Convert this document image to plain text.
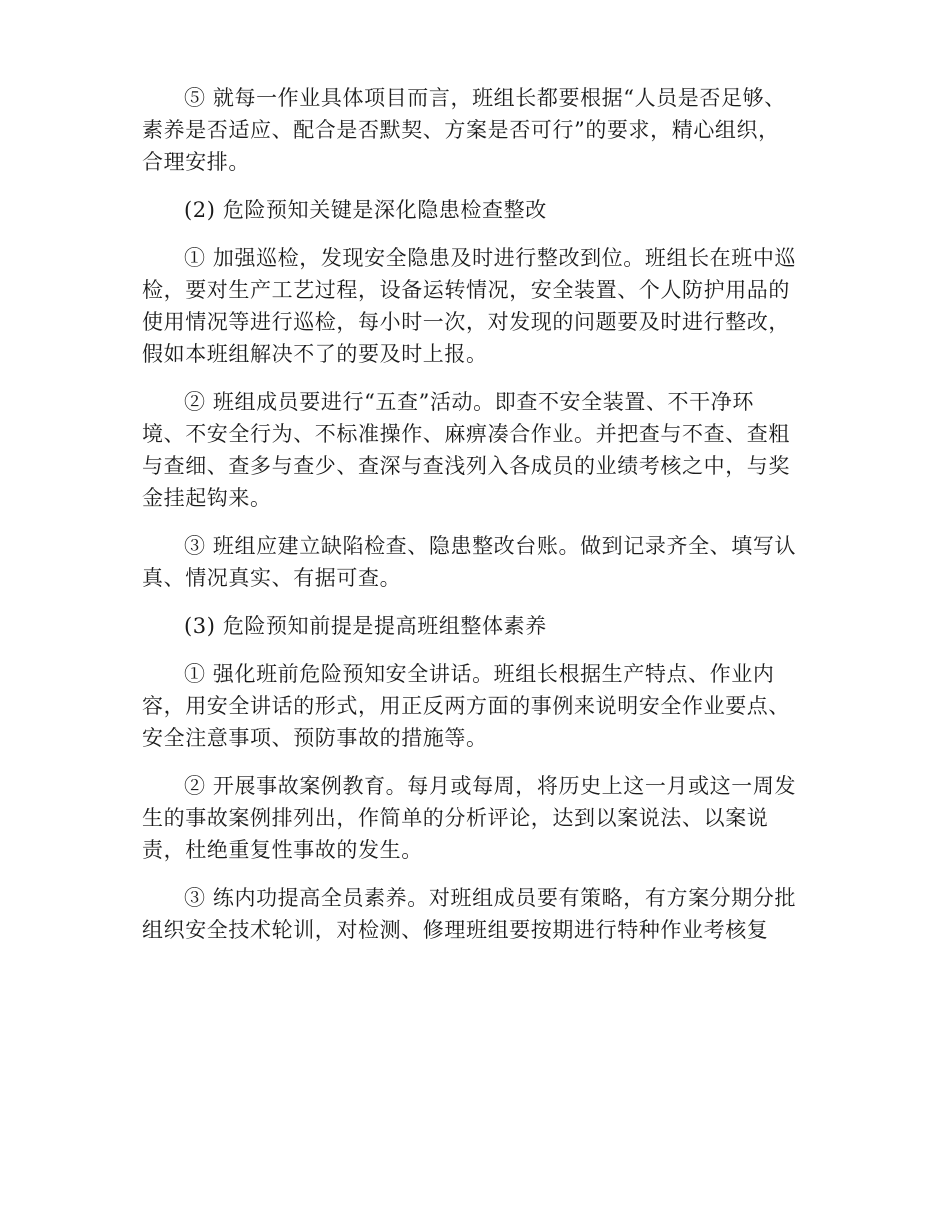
⑤ 就每一作业具体项目而言，班组长都要根据“人员是否足够、
素养是否适应、配合是否默契、方案是否可行”的要求，精心组织，
合理安排。
(2) 危险预知关键是深化隐患检查整改
① 加强巡检，发现安全隐患及时进行整改到位。班组长在班中巡
检，要对生产工艺过程，设备运转情况，安全装置、个人防护用品的
使用情况等进行巡检，每小时一次，对发现的问题要及时进行整改，
假如本班组解决不了的要及时上报。
② 班组成员要进行“五查”活动。即查不安全装置、不干净环
境、不安全行为、不标准操作、麻痹凑合作业。并把查与不查、查粗
与查细、查多与查少、查深与查浅列入各成员的业绩考核之中，与奖
金挂起钩来。
③ 班组应建立缺陷检查、隐患整改台账。做到记录齐全、填写认
真、情况真实、有据可查。
(3) 危险预知前提是提高班组整体素养
① 强化班前危险预知安全讲话。班组长根据生产特点、作业内
容，用安全讲话的形式，用正反两方面的事例来说明安全作业要点、
安全注意事项、预防事故的措施等。
② 开展事故案例教育。每月或每周，将历史上这一月或这一周发
生的事故案例排列出，作简单的分析评论，达到以案说法、以案说
责，杜绝重复性事故的发生。
③ 练内功提高全员素养。对班组成员要有策略，有方案分期分批
组织安全技术轮训，对检测、修理班组要按期进行特种作业考核复
